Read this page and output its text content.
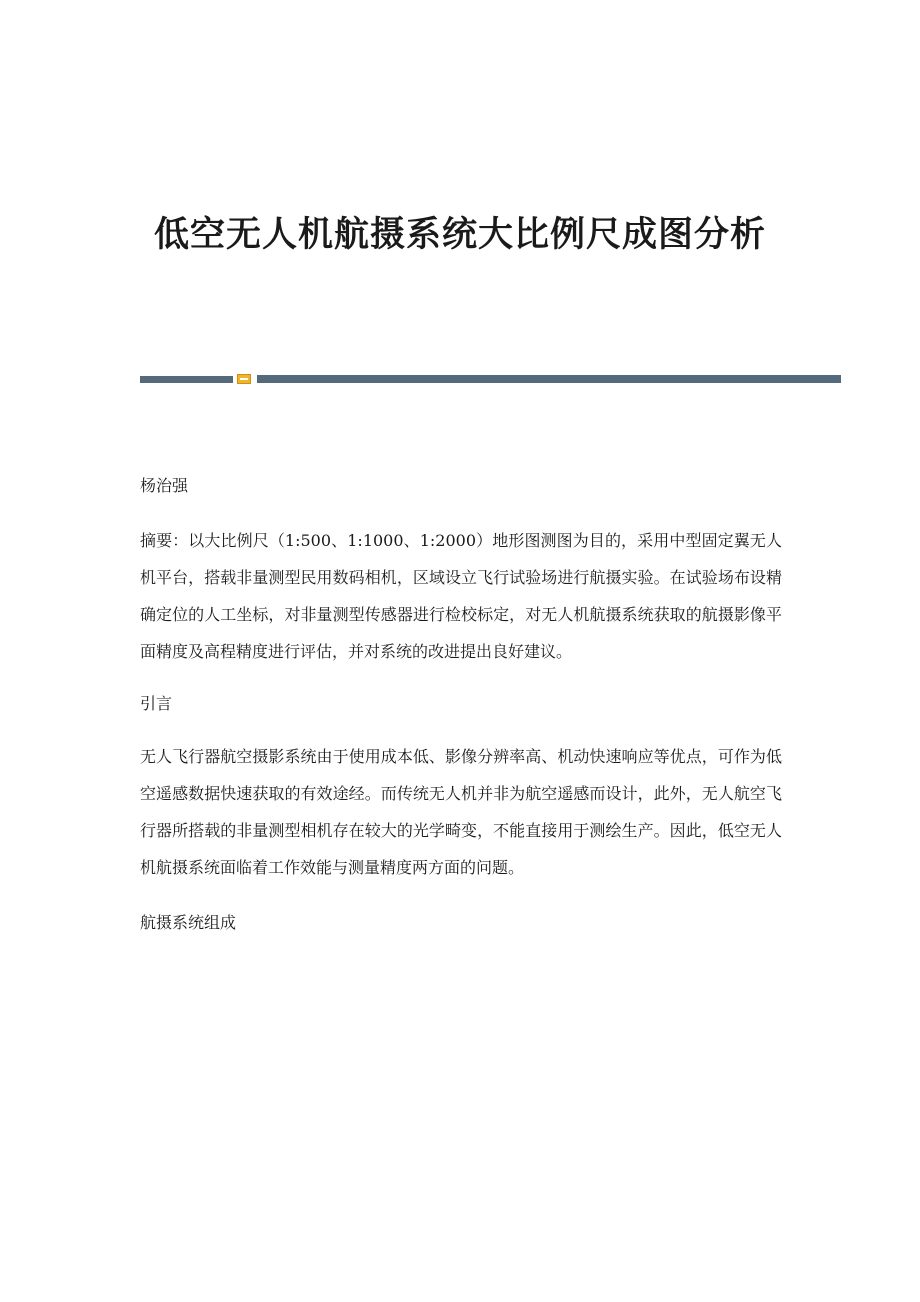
低空无人机航摄系统大比例尺成图分析

杨治强

摘要：以大比例尺（1:500、1:1000、1:2000）地形图测图为目的，采用中型固定翼无人机平台，搭载非量测型民用数码相机，区域设立飞行试验场进行航摄实验。在试验场布设精确定位的人工坐标，对非量测型传感器进行检校标定，对无人机航摄系统获取的航摄影像平面精度及高程精度进行评估，并对系统的改进提出良好建议。

引言

无人飞行器航空摄影系统由于使用成本低、影像分辨率高、机动快速响应等优点，可作为低空遥感数据快速获取的有效途经。而传统无人机并非为航空遥感而设计，此外，无人航空飞行器所搭载的非量测型相机存在较大的光学畸变，不能直接用于测绘生产。因此，低空无人机航摄系统面临着工作效能与测量精度两方面的问题。

航摄系统组成
